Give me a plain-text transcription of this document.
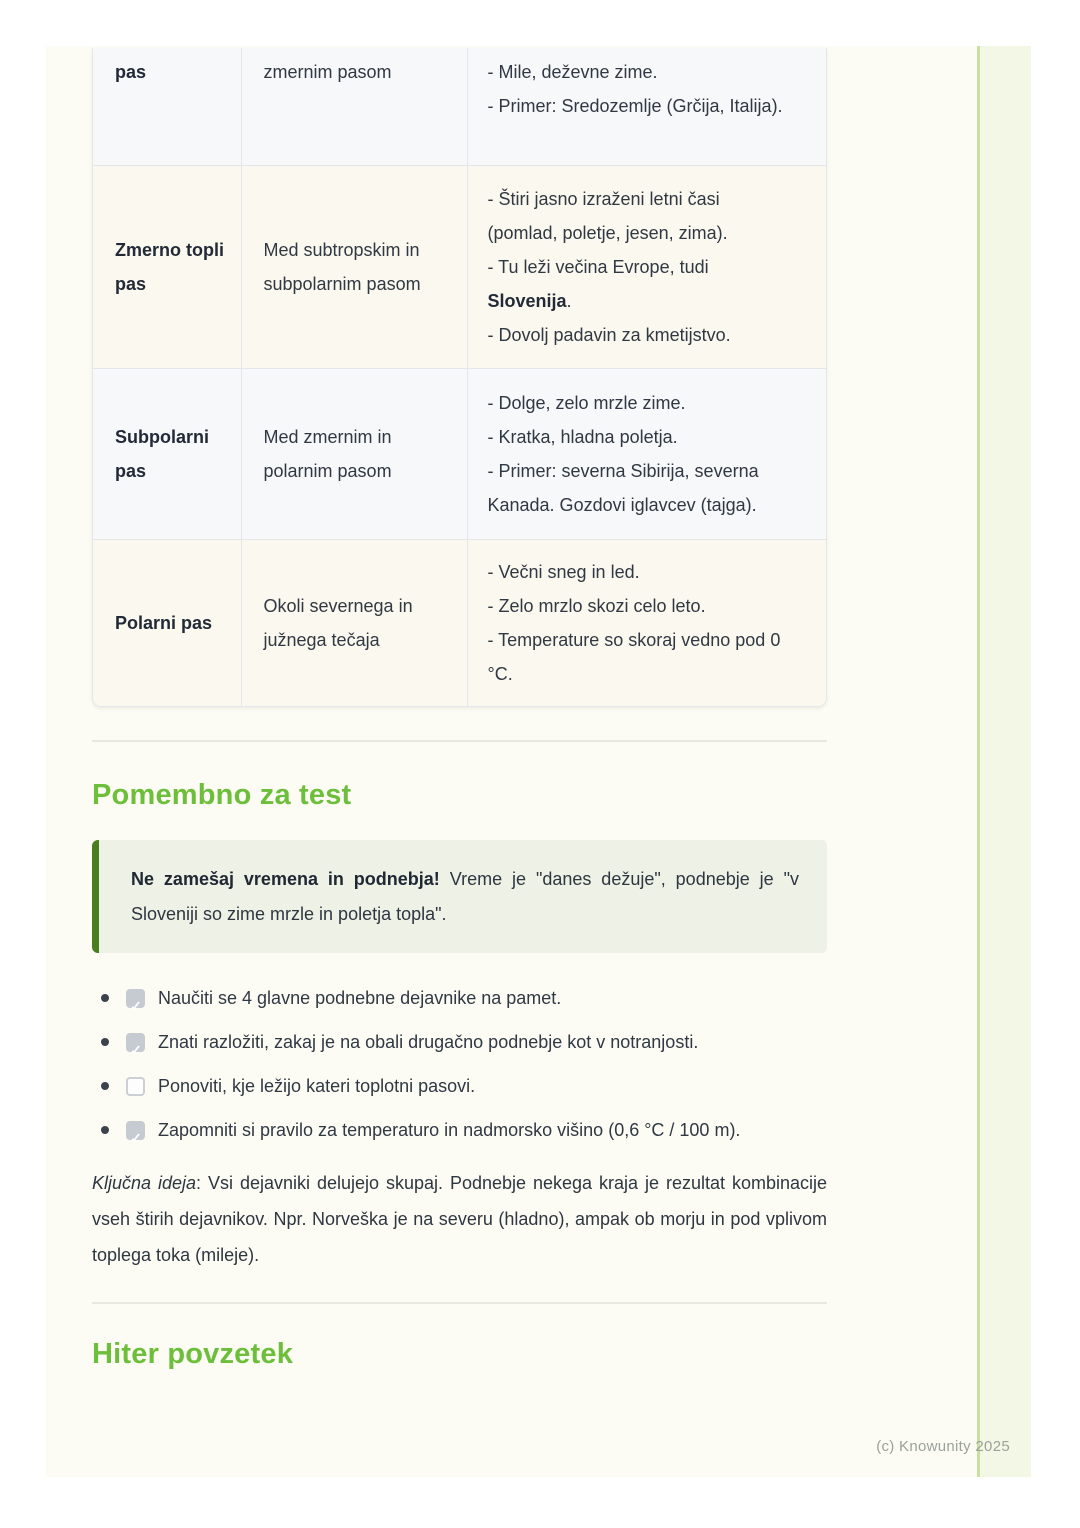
pas	zmernim pasom	- Mile, deževne zime.
- Primer: Sredozemlje (Grčija, Italija).

Zmerno topli pas	Med subtropskim in subpolarnim pasom	- Štiri jasno izraženi letni časi (pomlad, poletje, jesen, zima).
- Tu leži večina Evrope, tudi Slovenija.
- Dovolj padavin za kmetijstvo.

Subpolarni pas	Med zmernim in polarnim pasom	- Dolge, zelo mrzle zime.
- Kratka, hladna poletja.
- Primer: severna Sibirija, severna Kanada. Gozdovi iglavcev (tajga).

Polarni pas	Okoli severnega in južnega tečaja	- Večni sneg in led.
- Zelo mrzlo skozi celo leto.
- Temperature so skoraj vedno pod 0 °C.
Pomembno za test
Ne zamešaj vremena in podnebja! Vreme je "danes dežuje", podnebje je "v Sloveniji so zime mrzle in poletja topla".
✓
Naučiti se 4 glavne podnebne dejavnike na pamet.
✓
Znati razložiti, zakaj je na obali drugačno podnebje kot v notranjosti.
Ponoviti, kje ležijo kateri toplotni pasovi.
✓
Zapomniti si pravilo za temperaturo in nadmorsko višino (0,6 °C / 100 m).
Ključna ideja: Vsi dejavniki delujejo skupaj. Podnebje nekega kraja je rezultat kombinacije vseh štirih dejavnikov. Npr. Norveška je na severu (hladno), ampak ob morju in pod vplivom toplega toka (mileje).
Hiter povzetek
(c) Knowunity 2025
